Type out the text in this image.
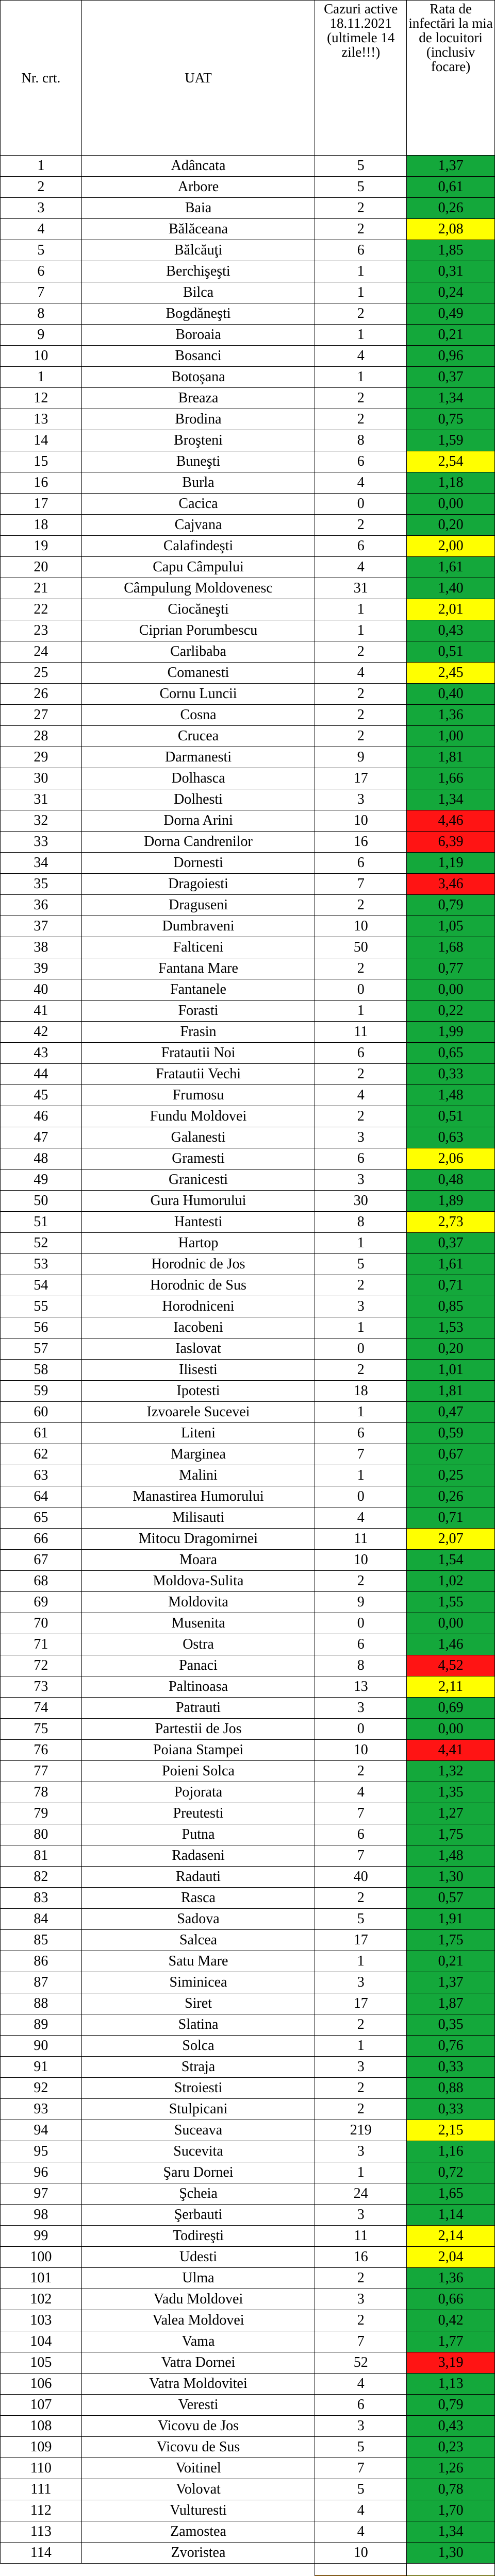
Nr. crt.	UAT	Cazuri active 18.11.2021 (ultimele 14 zile!!!)	Rata de infectări la mia de locuitori (inclusiv focare)
1	Adâncata	5	1,37
2	Arbore	5	0,61
3	Baia	2	0,26
4	Bălăceana	2	2,08
5	Bălcăuţi	6	1,85
6	Berchişeşti	1	0,31
7	Bilca	1	0,24
8	Bogdăneşti	2	0,49
9	Boroaia	1	0,21
10	Bosanci	4	0,96
1	Botoşana	1	0,37
12	Breaza	2	1,34
13	Brodina	2	0,75
14	Broşteni	8	1,59
15	Buneşti	6	2,54
16	Burla	4	1,18
17	Cacica	0	0,00
18	Cajvana	2	0,20
19	Calafindeşti	6	2,00
20	Capu Câmpului	4	1,61
21	Câmpulung Moldovenesc	31	1,40
22	Ciocăneşti	1	2,01
23	Ciprian Porumbescu	1	0,43
24	Carlibaba	2	0,51
25	Comanesti	4	2,45
26	Cornu Luncii	2	0,40
27	Cosna	2	1,36
28	Crucea	2	1,00
29	Darmanesti	9	1,81
30	Dolhasca	17	1,66
31	Dolhesti	3	1,34
32	Dorna Arini	10	4,46
33	Dorna Candrenilor	16	6,39
34	Dornesti	6	1,19
35	Dragoiesti	7	3,46
36	Draguseni	2	0,79
37	Dumbraveni	10	1,05
38	Falticeni	50	1,68
39	Fantana Mare	2	0,77
40	Fantanele	0	0,00
41	Forasti	1	0,22
42	Frasin	11	1,99
43	Fratautii Noi	6	0,65
44	Fratautii Vechi	2	0,33
45	Frumosu	4	1,48
46	Fundu Moldovei	2	0,51
47	Galanesti	3	0,63
48	Gramesti	6	2,06
49	Granicesti	3	0,48
50	Gura Humorului	30	1,89
51	Hantesti	8	2,73
52	Hartop	1	0,37
53	Horodnic de Jos	5	1,61
54	Horodnic de Sus	2	0,71
55	Horodniceni	3	0,85
56	Iacobeni	1	1,53
57	Iaslovat	0	0,20
58	Ilisesti	2	1,01
59	Ipotesti	18	1,81
60	Izvoarele Sucevei	1	0,47
61	Liteni	6	0,59
62	Marginea	7	0,67
63	Malini	1	0,25
64	Manastirea Humorului	0	0,26
65	Milisauti	4	0,71
66	Mitocu Dragomirnei	11	2,07
67	Moara	10	1,54
68	Moldova-Sulita	2	1,02
69	Moldovita	9	1,55
70	Musenita	0	0,00
71	Ostra	6	1,46
72	Panaci	8	4,52
73	Paltinoasa	13	2,11
74	Patrauti	3	0,69
75	Partestii de Jos	0	0,00
76	Poiana Stampei	10	4,41
77	Poieni Solca	2	1,32
78	Pojorata	4	1,35
79	Preutesti	7	1,27
80	Putna	6	1,75
81	Radaseni	7	1,48
82	Radauti	40	1,30
83	Rasca	2	0,57
84	Sadova	5	1,91
85	Salcea	17	1,75
86	Satu Mare	1	0,21
87	Siminicea	3	1,37
88	Siret	17	1,87
89	Slatina	2	0,35
90	Solca	1	0,76
91	Straja	3	0,33
92	Stroiesti	2	0,88
93	Stulpicani	2	0,33
94	Suceava	219	2,15
95	Sucevita	3	1,16
96	Şaru Dornei	1	0,72
97	Şcheia	24	1,65
98	Şerbauti	3	1,14
99	Todireşti	11	2,14
100	Udesti	16	2,04
101	Ulma	2	1,36
102	Vadu Moldovei	3	0,66
103	Valea Moldovei	2	0,42
104	Vama	7	1,77
105	Vatra Dornei	52	3,19
106	Vatra Moldovitei	4	1,13
107	Veresti	6	0,79
108	Vicovu de Jos	3	0,43
109	Vicovu de Sus	5	0,23
110	Voitinel	7	1,26
111	Volovat	5	0,78
112	Vulturesti	4	1,70
113	Zamostea	4	1,34
114	Zvoristea	10	1,30
